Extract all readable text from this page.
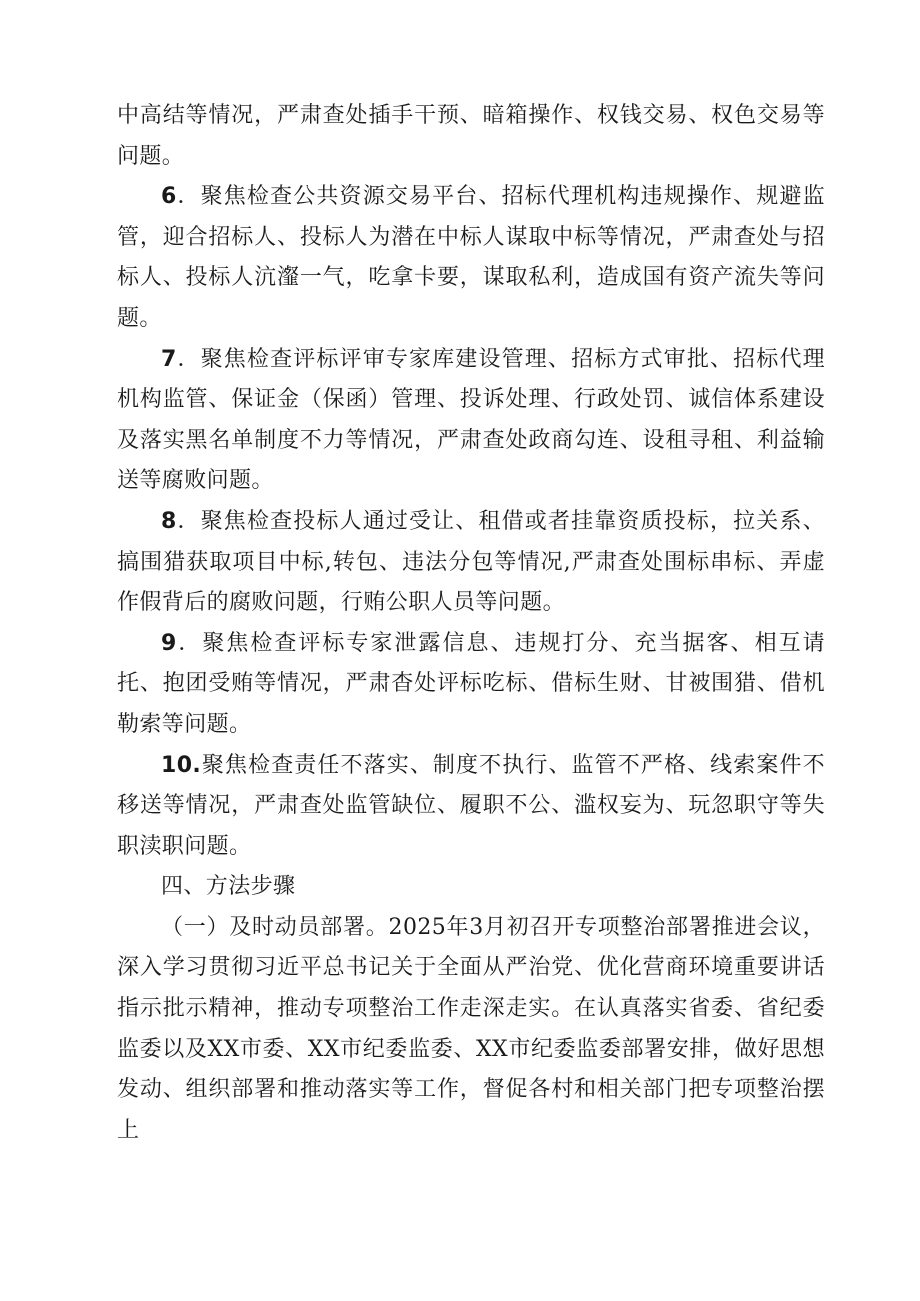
中高结等情况，严肃查处插手干预、暗箱操作、权钱交易、权色交易等问题。

6．聚焦检查公共资源交易平台、招标代理机构违规操作、规避监管，迎合招标人、投标人为潜在中标人谋取中标等情况，严肃查处与招标人、投标人沆瀣一气，吃拿卡要，谋取私利，造成国有资产流失等问题。

7．聚焦检查评标评审专家库建设管理、招标方式审批、招标代理机构监管、保证金（保函）管理、投诉处理、行政处罚、诚信体系建设及落实黑名单制度不力等情况，严肃查处政商勾连、设租寻租、利益输送等腐败问题。

8．聚焦检查投标人通过受让、租借或者挂靠资质投标，拉关系、搞围猎获取项目中标,转包、违法分包等情况,严肃查处围标串标、弄虚作假背后的腐败问题，行贿公职人员等问题。

9．聚焦检查评标专家泄露信息、违规打分、充当据客、相互请托、抱团受贿等情况，严肃杳处评标吃标、借标生财、甘被围猎、借机勒索等问题。

10.聚焦检查责任不落实、制度不执行、监管不严格、线索案件不移送等情况，严肃查处监管缺位、履职不公、滥权妄为、玩忽职守等失职渎职问题。

四、方法步骤

（一）及时动员部署。2025年3月初召开专项整治部署推进会议，深入学习贯彻习近平总书记关于全面从严治党、优化营商环境重要讲话指示批示精神，推动专项整治工作走深走实。在认真落实省委、省纪委监委以及XX市委、XX市纪委监委、XX市纪委监委部署安排，做好思想发动、组织部署和推动落实等工作，督促各村和相关部门把专项整治摆上
